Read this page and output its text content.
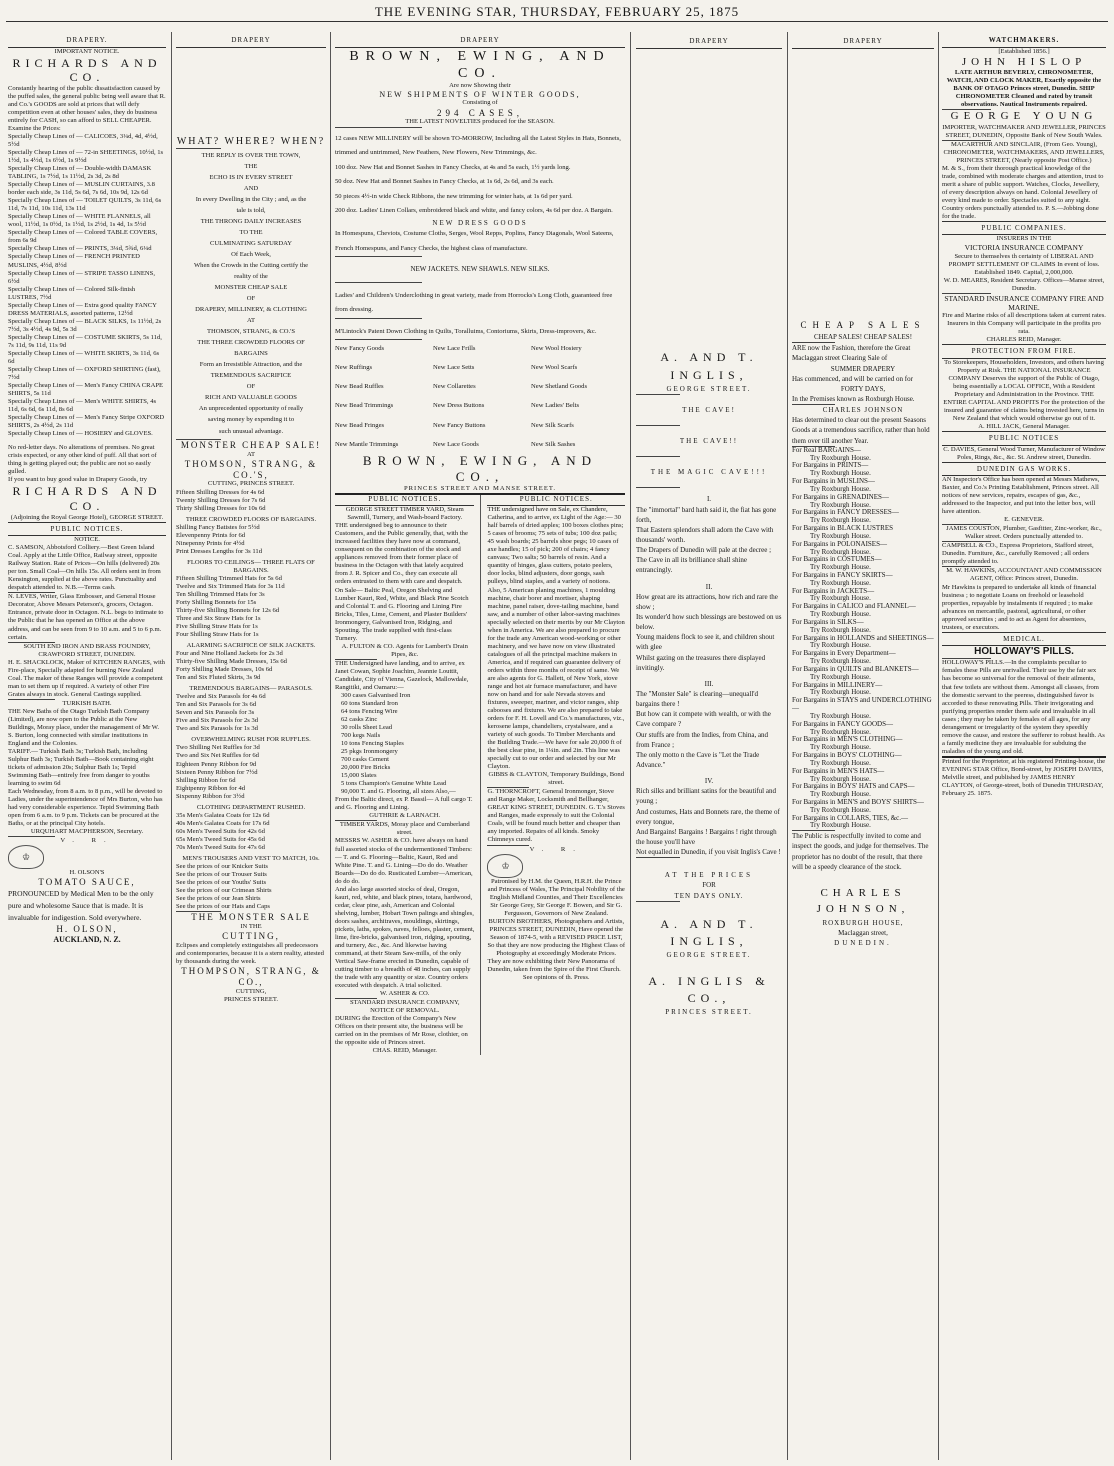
THE EVENING STAR, THURSDAY, FEBRUARY 25, 1875
DRAPERY.
IMPORTANT NOTICE.
RICHARDS AND CO.

Constantly hearing of the public dissatisfaction caused by the puffed sales, the general public being well aware that R. and Co.'s GOODS are sold at prices that will defy competition even at other houses' sales, they do business entirely for CASH, so can afford to SELL CHEAPER. Examine the Prices:

Specially Cheap Lines of — CALICOES, 3¼d, 4d, 4½d, 5½d
Specially Cheap Lines of — 72-in SHEETINGS, 10½d, 1s 1½d, 1s 4½d, 1s 6½d, 1s 9½d
Specially Cheap Lines of — Double-width DAMASK TABLING, 1s 7½d, 1s 11½d, 2s 3d, 2s 8d
Specially Cheap Lines of — MUSLIN CURTAINS, 3.8 border each side, 3s 11d, 5s 6d, 7s 6d, 10s 9d, 12s 6d
Specially Cheap Lines of — TOILET QUILTS, 3s 11d, 6s 11d, 7s 11d, 10s 11d, 13s 11d
Specially Cheap Lines of — WHITE FLANNELS, all wool, 11½d, 1s 0½d, 1s 1½d, 1s 2½d, 1s 4d, 1s 5½d
Specially Cheap Lines of — Colored TABLE COVERS, from 6s 9d
Specially Cheap Lines of — PRINTS, 3¼d, 5¾d, 6¼d
Specially Cheap Lines of — FRENCH PRINTED MUSLINS, 4½d, 8½d
Specially Cheap Lines of — STRIPE TASSO LINENS, 6½d
Specially Cheap Lines of — Colored Silk-finish LUSTRES, 7½d
Specially Cheap Lines of — Extra good quality FANCY DRESS MATERIALS, assorted patterns, 12½d
Specially Cheap Lines of — BLACK SILKS, 1s 11½d, 2s 7½d, 3s 4½d, 4s 9d, 5s 3d
Specially Cheap Lines of — COSTUME SKIRTS, 5s 11d, 7s 11d, 9s 11d, 11s 9d
Specially Cheap Lines of — WHITE SKIRTS, 3s 11d, 6s 6d
Specially Cheap Lines of — OXFORD SHIRTING (fast), 7½d
Specially Cheap Lines of — Men's Fancy CHINA CRAPE SHIRTS, 5s 11d
Specially Cheap Lines of — Men's WHITE SHIRTS, 4s 11d, 6s 6d, 6s 11d, 8s 6d
Specially Cheap Lines of — Men's Fancy Stripe OXFORD SHIRTS, 2s 4½d, 2s 11d
Specially Cheap Lines of — HOSIERY and GLOVES.

No red-letter days. No alterations of premises. No great crisis expected, or any other kind of puff. All that sort of thing is getting played out; the public are not so easily gulled.

If you want to buy good value in Drapery Goods, try

RICHARDS AND CO.
(Adjoining the Royal George Hotel), GEORGE STREET.
PUBLIC NOTICES.
NOTICE.

C. SAMSON, Abbotsford Colliery.—Best Green Island Coal. Apply at the Little Office, Railway street, opposite Railway Station. Rate of Prices—On hills (delivered) 20s per ton. Small Coal—On hills 15s. All orders sent in from Kensington, supplied at the above rates. Punctuality and despatch attended to. N.B.—Terms cash.

N. LEVES, Writer, Glass Embosser, and General House Decorator, Above Messrs Peterson's, grocers, Octagon. Entrance, private door in Octagon. N.L. begs to intimate to the Public that he has opened an Office at the above address, and can be seen from 9 to 10 a.m. and 5 to 6 p.m. certain.

SOUTH END IRON AND BRASS FOUNDRY, CRAWFORD STREET, DUNEDIN.

H. E. SHACKLOCK, Maker of KITCHEN RANGES, with Fire-place, Specially adapted for burning New Zealand Coal. The maker of these Ranges will provide a competent man to set them up if required. A variety of other Fire Grates always in stock. General Castings supplied.

TURKISH BATH.

THE New Baths of the Otago Turkish Bath Company (Limited), are now open to the Public at the New Buildings, Moray place, under the management of Mr W. S. Burton, long connected with similar institutions in England and the Colonies.

TARIFF.— Turkish Bath 3s; Turkish Bath, including Sulphur Bath 3s; Turkish Bath—Book containing eight tickets of admission 20s; Sulphur Bath 1s; Tepid Swimming Bath—entirely free from danger to youths learning to swim 6d

Each Wednesday, from 8 a.m. to 8 p.m., will be devoted to Ladies, under the superintendence of Mrs Burton, who has had very considerable experience. Tepid Swimming Bath open from 6 a.m. to 9 p.m. Tickets can be procured at the Baths, or at the principal City hotels.

URQUHART MACPHERSON, Secretary.
V. R.
♔
H. OLSON'S
TOMATO SAUCE,

PRONOUNCED by Medical Men to be the only pure and wholesome Sauce that is made. It is invaluable for indigestion. Sold everywhere.

H. OLSON,
AUCKLAND, N. Z.
DRAPERY
WHAT? WHERE? WHEN?
THE REPLY IS OVER THE TOWN,
THE
ECHO IS IN EVERY STREET
AND
In every Dwelling in the City ; and, as the
tale is told,
THE THRONG DAILY INCREASES
TO THE
CULMINATING SATURDAY
Of Each Week,
When the Crowds in the Cutting certify the
reality of the
MONSTER CHEAP SALE
OF
DRAPERY, MILLINERY, & CLOTHING
AT
THOMSON, STRANG, & CO.'S
THE THREE CROWDED FLOORS OF
BARGAINS
Form an Irresistible Attraction, and the
TREMENDOUS SACRIFICE
OF
RICH AND VALUABLE GOODS
An unprecedented opportunity of really
saving money by expending it to
such unusual advantage.
MONSTER CHEAP SALE!
AT
THOMSON, STRANG, & CO.'S,
CUTTING, PRINCES STREET.
Fifteen Shilling Dresses for 4s 6d
Twenty Shilling Dresses for 7s 6d
Thirty Shilling Dresses for 10s 6d
THREE CROWDED FLOORS OF BARGAINS.
Shilling Fancy Batistes for 5½d
Elevenpenny Prints for 6d
Ninepenny Prints for 4½d
Print Dresses Lengths for 3s 11d
FLOORS TO CEILINGS— THREE FLATS OF BARGAINS.
Fifteen Shilling Trimmed Hats for 5s 6d
Twelve and Six Trimmed Hats for 3s 11d
Ten Shilling Trimmed Hats for 3s
Forty Shilling Bonnets for 15s
Thirty-five Shilling Bonnets for 12s 6d
Three and Six Straw Hats for 1s
Five Shilling Straw Hats for 1s
Four Shilling Straw Hats for 1s
ALARMING SACRIFICE OF SILK JACKETS.
Four and Nine Holland Jackets for 2s 3d
Thirty-five Shilling Made Dresses, 15s 6d
Forty Shilling Made Dresses, 10s 6d
Ten and Six Fluted Skirts, 3s 9d
TREMENDOUS BARGAINS— PARASOLS.
Twelve and Six Parasols for 4s 6d
Ten and Six Parasols for 3s 6d
Seven and Six Parasols for 3s
Five and Six Parasols for 2s 3d
Two and Six Parasols for 1s 3d
OVERWHELMING RUSH FOR RUFFLES.
Two Shilling Net Ruffles for 3d
Two and Six Net Ruffles for 6d
Eighteen Penny Ribbon for 9d
Sixteen Penny Ribbon for 7½d
Shilling Ribbon for 6d
Eightpenny Ribbon for 4d
Sixpenny Ribbon for 3½d
CLOTHING DEPARTMENT RUSHED.
35s Men's Galatea Coats for 12s 6d
40s Men's Galatea Coats for 17s 6d
60s Men's Tweed Suits for 42s 6d
65s Men's Tweed Suits for 45s 6d
70s Men's Tweed Suits for 47s 6d
MEN'S TROUSERS AND VEST TO MATCH, 10s.
See the prices of our Knicker Suits
See the prices of our Trouser Suits
See the prices of our Youths' Suits
See the prices of our Crimean Shirts
See the prices of our Jean Shirts
See the prices of our Hats and Caps
THE MONSTER SALE
IN THE
CUTTING,

Eclipses and completely extinguishes all predecessors and contemporaries, because it is a stern reality, attested by thousands during the week.

THOMPSON, STRANG, & CO.,
CUTTING,
PRINCES STREET.
DRAPERY
BROWN, EWING, AND CO.
Are now Showing their
NEW SHIPMENTS OF WINTER GOODS,
Consisting of
294 CASES,
THE LATEST NOVELTIES produced for the SEASON.

12 cases NEW MILLINERY will be shown TO-MORROW, Including all the Latest Styles in Hats, Bonnets, trimmed and untrimmed, New Feathers, New Flowers, New Trimmings, &c.

100 doz. New Hat and Bonnet Sashes in Fancy Checks, at 4s and 5s each, 1½ yards long.

50 doz. New Hat and Bonnet Sashes in Fancy Checks, at 1s 6d, 2s 6d, and 3s each.

50 pieces 4½-in wide Check Ribbons, the new trimming for winter hats, at 1s 6d per yard.

200 doz. Ladies' Linen Collars, embroidered black and white, and fancy colors, 4s 6d per doz. A Bargain.

NEW DRESS GOODS

In Homespuns, Cheviots, Costume Cloths, Serges, Wool Repps, Poplins, Fancy Diagonals, Wool Sateens, French Homespuns, and Fancy Checks, the highest class of manufacture.

NEW JACKETS. NEW SHAWLS. NEW SILKS.

Ladies' and Children's Underclothing in great variety, made from Horrocks's Long Cloth, guaranteed free from dressing.

M'Lintock's Patent Down Clothing in Quilts, Toralluims, Contoriums, Skirts, Dress-improvers, &c.

New Fancy Goods	New Lace Frills	New Wool Hosiery
New Ruffings	New Lace Setts	New Wool Scarfs
New Bead Ruffles	New Collarettes	New Shetland Goods
New Bead Trimmings	New Dress Buttons	New Ladies' Belts
New Bead Fringes	New Fancy Buttons	New Silk Scarfs
New Mantle Trimmings	New Lace Goods	New Silk Sashes
BROWN, EWING, AND CO.,
PRINCES STREET AND MANSE STREET.
PUBLIC NOTICES.
GEORGE STREET TIMBER YARD, Steam Sawmill, Turnery, and Wash-board Factory.

THE undersigned beg to announce to their Customers, and the Public generally, that, with the increased facilities they have now at command, consequent on the combination of the stock and appliances removed from their former place of business in the Octagon with that lately acquired from J. R. Spicer and Co., they can execute all orders entrusted to them with care and despatch.

On Sale— Baltic Peal, Oregon Shelving and Lumber Kauri, Red, White, and Black Pine Scotch and Colonial T. and G. Flooring and Lining Fire Bricks, Tiles, Lime, Cement, and Plaster Builders' Ironmongery, Galvanised Iron, Ridging, and Spouting. The trade supplied with first-class Turnery.

A. FULTON & CO. Agents for Lambert's Drain Pipes, &c.

THE Undersigned have landing, and to arrive, ex Janet Cowan, Sophie Joachim, Jeannie Louttit, Candidate, City of Vienna, Gazelock, Mallowdale, Rangitiki, and Oamaru:—

300 cases Galvanised Iron
60 tons Standard Iron
64 tons Fencing Wire
62 casks Zinc
30 rolls Sheet Lead
700 kegs Nails
10 tons Fencing Staples
25 pkgs Ironmongery
700 casks Cement
20,000 Fire Bricks
15,000 Slates
5 tons Champion's Genuine White Lead
90,000 T. and G. Flooring, all sizes Also,—

From the Baltic direct, ex P. Bassil— A full cargo T. and G. Flooring and Lining.

GUTHRIE & LARNACH.
TIMBER YARDS, Moray place and Cumberland street.

MESSRS W. ASHER & CO. have always on hand full assorted stocks of the undermentioned Timbers:— T. and G. Flooring—Baltic, Kauri, Red and White Pine. T. and G. Lining—Do do do. Weather Boards—Do do do. Rusticated Lumber—American, do do do.

And also large assorted stocks of deal, Oregon, kauri, red, white, and black pines, totara, hardwood, cedar, clear pine, ash, American and Colonial shelving, lumber, Hobart Town palings and shingles, doors sashes, architraves, mouldings, skirtings, pickets, laths, spokes, naves, felloes, plaster, cement, lime, fire-bricks, galvanised iron, ridging, spouting, and turnery, &c., &c. And likewise having command, at their Steam Saw-mills, of the only Vertical Saw-frame erected in Dunedin, capable of cutting timber to a breadth of 48 inches, can supply the trade with any quantity or size. Country orders executed with despatch. A trial solicited.

W. ASHER & CO.
STANDARD INSURANCE COMPANY,
NOTICE OF REMOVAL.

DURING the Erection of the Company's New Offices on their present site, the business will be carried on in the premises of Mr Rose, clothier, on the opposite side of Princes street.

CHAS. REID, Manager.
PUBLIC NOTICES.

THE undersigned have on Sale, ex Chandere, Catherina, and to arrive, ex Light of the Age:— 30 half barrels of dried apples; 100 boxes clothes pins; 5 cases of brooms; 75 sets of tubs; 100 doz pails; 45 wash boards; 25 barrels shoe pegs; 10 cases of axe handles; 15 of pick; 200 of chairs; 4 fancy canvass; Two salts; 50 barrels of resin. And a quantity of hinges, glass cutters, potato peelers, door locks, blind adjusters, door gongs, sash pulleys, blind staples, and a variety of notions. Also, 5 American planing machines, 1 moulding machine, chair borer and mortiser, shaping machine, panel raiser, dove-tailing machine, band saw, and a number of other labor-saving machines specially selected on their merits by our Mr Clayton when in America. We are also prepared to procure for the trade any American wood-working or other machinery, and we have now on view illustrated catalogues of all the principal machine makers in America, and if required can guarantee delivery of orders within three months of receipt of same. We are also agents for G. Hallett, of New York, stove range and hot air furnace manufacturer, and have now on hand and for sale Nevada stoves and fixtures, sweeper, mariner, and victor ranges, ship cabooses and fixtures. We are also prepared to take orders for F. H. Lovell and Co.'s manufactures, viz., kerosene lamps, chandeliers, crystalware, and a variety of such goods. To Timber Merchants and the Building Trade.—We have for sale 20,000 ft of the best clear pine, in 1¼in. and 2in. This line was specially cut to our order and selected by our Mr Clayton.

GIBBS & CLAYTON, Temporary Buildings, Bond street.

G. THORNCROFT, General Ironmonger, Stove and Range Maker, Locksmith and Bellhanger, GREAT KING STREET, DUNEDIN. G. T.'s Stoves and Ranges, made expressly to suit the Colonial Coals, will be found much better and cheaper than any imported. Repairs of all kinds. Smoky Chimneys cured.

V. R.
♔

Patronised by H.M. the Queen, H.R.H. the Prince and Princess of Wales, The Principal Nobility of the English Midland Counties, and Their Excellencies Sir George Grey, Sir George F. Bowen, and Sir G. Fergusson, Governors of New Zealand.

BURTON BROTHERS, Photographers and Artists, PRINCES STREET, DUNEDIN, Have opened the Season of 1874-5, with a REVISED PRICE LIST, So that they are now producing the Highest Class of Photography at exceedingly Moderate Prices.

They are now exhibiting their New Panorama of Dunedin, taken from the Spire of the First Church.

See opinions of th. Press.
DRAPERY
A. AND T. INGLIS,
GEORGE STREET.
THE CAVE!
THE CAVE!!
THE MAGIC CAVE!!!
I.
The "immortal" bard hath said it, the fiat has gone forth,
That Eastern splendors shall adorn the Cave with thousands' worth.
The Drapers of Dunedin will pale at the decree ;
The Cave in all its brilliance shall shine entrancingly.
II.
How great are its attractions, how rich and rare the show ;
Its wonder'd how such blessings are bestowed on us below.
Young maidens flock to see it, and children shout with glee
Whilst gazing on the treasures there displayed invitingly.
III.
The "Monster Sale" is clearing—unequall'd bargains there !
But how can it compete with wealth, or with the Cave compare ?
Our stuffs are from the Indies, from China, and from France ;
The only motto n the Cave is "Let the Trade Advance."
IV.
Rich silks and brilliant satins for the beautiful and young ;
And costumes, Hats and Bonnets rare, the theme of every tongue,
And Bargains! Bargains ! Bargains ! right through the house you'll have
Not equalled in Dunedin, if you visit Inglis's Cave !
AT THE PRICES
FOR
TEN DAYS ONLY.
A. AND T. INGLIS,
GEORGE STREET.
A. INGLIS & CO.,
PRINCES STREET.
DRAPERY
CHEAP SALES
CHEAP SALES! CHEAP SALES!

ARE now the Fashion, therefore the Great Maclaggan street Clearing Sale of

SUMMER DRAPERY

Has commenced, and will be carried on for

FORTY DAYS,

In the Premises known as Roxburgh House.

CHARLES JOHNSON

Has determined to clear out the present Seasons Goods at a tremendous sacrifice, rather than hold them over till another Year.

For Real BARGAINS—
Try Roxburgh House.
For Bargains in PRINTS—
Try Roxburgh House.
For Bargains in MUSLINS—
Try Roxburgh House.
For Bargains in GRENADINES—
Try Roxburgh House.
For Bargains in FANCY DRESSES—
Try Roxburgh House.
For Bargains in BLACK LUSTRES
Try Roxburgh House.
For Bargains in POLONAISES—
Try Roxburgh House.
For Bargains in COSTUMES—
Try Roxburgh House.
For Bargains in FANCY SKIRTS—
Try Roxburgh House.
For Bargains in JACKETS—
Try Roxburgh House.
For Bargains in CALICO and FLANNEL—
Try Roxburgh House.
For Bargains in SILKS—
Try Roxburgh House.
For Bargains in HOLLANDS and SHEETINGS—
Try Roxburgh House.
For Bargains in Every Department—
Try Roxburgh House.
For Bargains in QUILTS and BLANKETS—
Try Roxburgh House.
For Bargains in MILLINERY—
Try Roxburgh House.
For Bargains in STAYS and UNDERCLOTHING—
Try Roxburgh House.
For Bargains in FANCY GOODS—
Try Roxburgh House.
For Bargains in MEN'S CLOTHING—
Try Roxburgh House.
For Bargains in BOYS' CLOTHING—
Try Roxburgh House.
For Bargains in MEN'S HATS—
Try Roxburgh House.
For Bargains in BOYS' HATS and CAPS—
Try Roxburgh House.
For Bargains in MEN'S and BOYS' SHIRTS—
Try Roxburgh House.
For Bargains in COLLARS, TIES, &c.—
Try Roxburgh House.

The Public is respectfully invited to come and inspect the goods, and judge for themselves. The proprietor has no doubt of the result, that there will be a speedy clearance of the stock.

CHARLES JOHNSON,
ROXBURGH HOUSE,
Maclaggan street,
DUNEDIN.
WATCHMAKERS.
[Established 1856.]
JOHN HISLOP

LATE ARTHUR BEVERLY, CHRONOMETER, WATCH, AND CLOCK MAKER, Exactly opposite the BANK OF OTAGO Princes street, Dunedin. SHIP CHRONOMETER Cleaned and rated by transit observations. Nautical Instruments repaired.

GEORGE YOUNG

IMPORTER, WATCHMAKER AND JEWELLER, PRINCES STREET, DUNEDIN, Opposite Bank of New South Wales.

MACARTHUR AND SINCLAIR, (From Geo. Young), CHRONOMETER, WATCHMAKERS, AND JEWELLERS, PRINCES STREET, (Nearly opposite Post Office.)

M. & S., from their thorough practical knowledge of the trade, combined with moderate charges and attention, trust to merit a share of public support. Watches, Clocks, Jewellery, of every description always on hand. Colonial Jewellery of every kind made to order. Spectacles suited to any sight. Country orders punctually attended to. P. S.—Jobbing done for the trade.

PUBLIC COMPANIES.
INSURERS IN THE
VICTORIA INSURANCE COMPANY

Secure to themselves th certainty of LIBERAL AND PROMPT SETTLEMENT OF CLAIMS In event of loss. Established 1849. Capital, 2,000,000.

W. D. MEARES, Resident Secretary. Offices—Manse street, Dunedin.
STANDARD INSURANCE COMPANY FIRE AND MARINE.

Fire and Marine risks of all descriptions taken at current rates. Insurers in this Company will participate in the profits pro rata.

CHARLES REID, Manager.
PROTECTION FROM FIRE.

To Storekeepers, Householders, Investors, and others having Property at Risk. THE NATIONAL INSURANCE COMPANY Deserves the support of the Public of Otago, being essentially a LOCAL OFFICE, With a Resident Proprietary and Administration in the Province. THE ENTIRE CAPITAL AND PROFITS For the protection of the insured and guarantee of claims being invested here, turns in New Zealand that which would otherwise go out of it.

A. HILL JACK, General Manager.
PUBLIC NOTICES

C. DAVIES, General Wood Turner, Manufacturer of Window Poles, Rings, &c., &c. St. Andrew street, Dunedin.

DUNEDIN GAS WORKS.

AN Inspector's Office has been opened at Messrs Mathews, Baxter, and Co.'s Printing Establishment, Princes street. All notices of new services, repairs, escapes of gas, &c., addressed to the Inspector, and put into the letter box, will have attention.

E. GENEVER.

JAMES COUSTON, Plumber, Gasfitter, Zinc-worker, &c., Walker street. Orders punctually attended to.

CAMPBELL & CO., Express Proprietors, Stafford street, Dunedin. Furniture, &c., carefully Removed ; all orders promptly attended to.

M. W. HAWKINS, ACCOUNTANT AND COMMISSION AGENT, Office: Princes street, Dunedin.

Mr Hawkins is prepared to undertake all kinds of financial business ; to negotiate Loans on freehold or leasehold properties, repayable by instalments if required ; to make advances on mercantile, pastoral, agricultural, or other approved securities ; and to act as Agent for absentees, trustees, or executors.

MEDICAL.
HOLLOWAY'S PILLS.

HOLLOWAY'S PILLS.—In the complaints peculiar to females these Pills are unrivalled. Their use by the fair sex has become so universal for the removal of their ailments, that few toilets are without them. Amongst all classes, from the domestic servant to the peeress, distinguished favor is accorded to these renovating Pills. Their invigorating and purifying properties render them safe and invaluable in all cases ; they may be taken by females of all ages, for any derangement or irregularity of the system they speedily remove the cause, and restore the sufferer to robust health. As a family medicine they are invaluable for subduing the maladies of the young and old.

Printed for the Proprietor, at his registered Printing-house, the EVENING STAR Office, Bond-street, by JOSEPH DAVIES, Melville street, and published by JAMES HENRY CLAYTON, of George-street, both of Dunedin THURSDAY, February 25. 1875.
